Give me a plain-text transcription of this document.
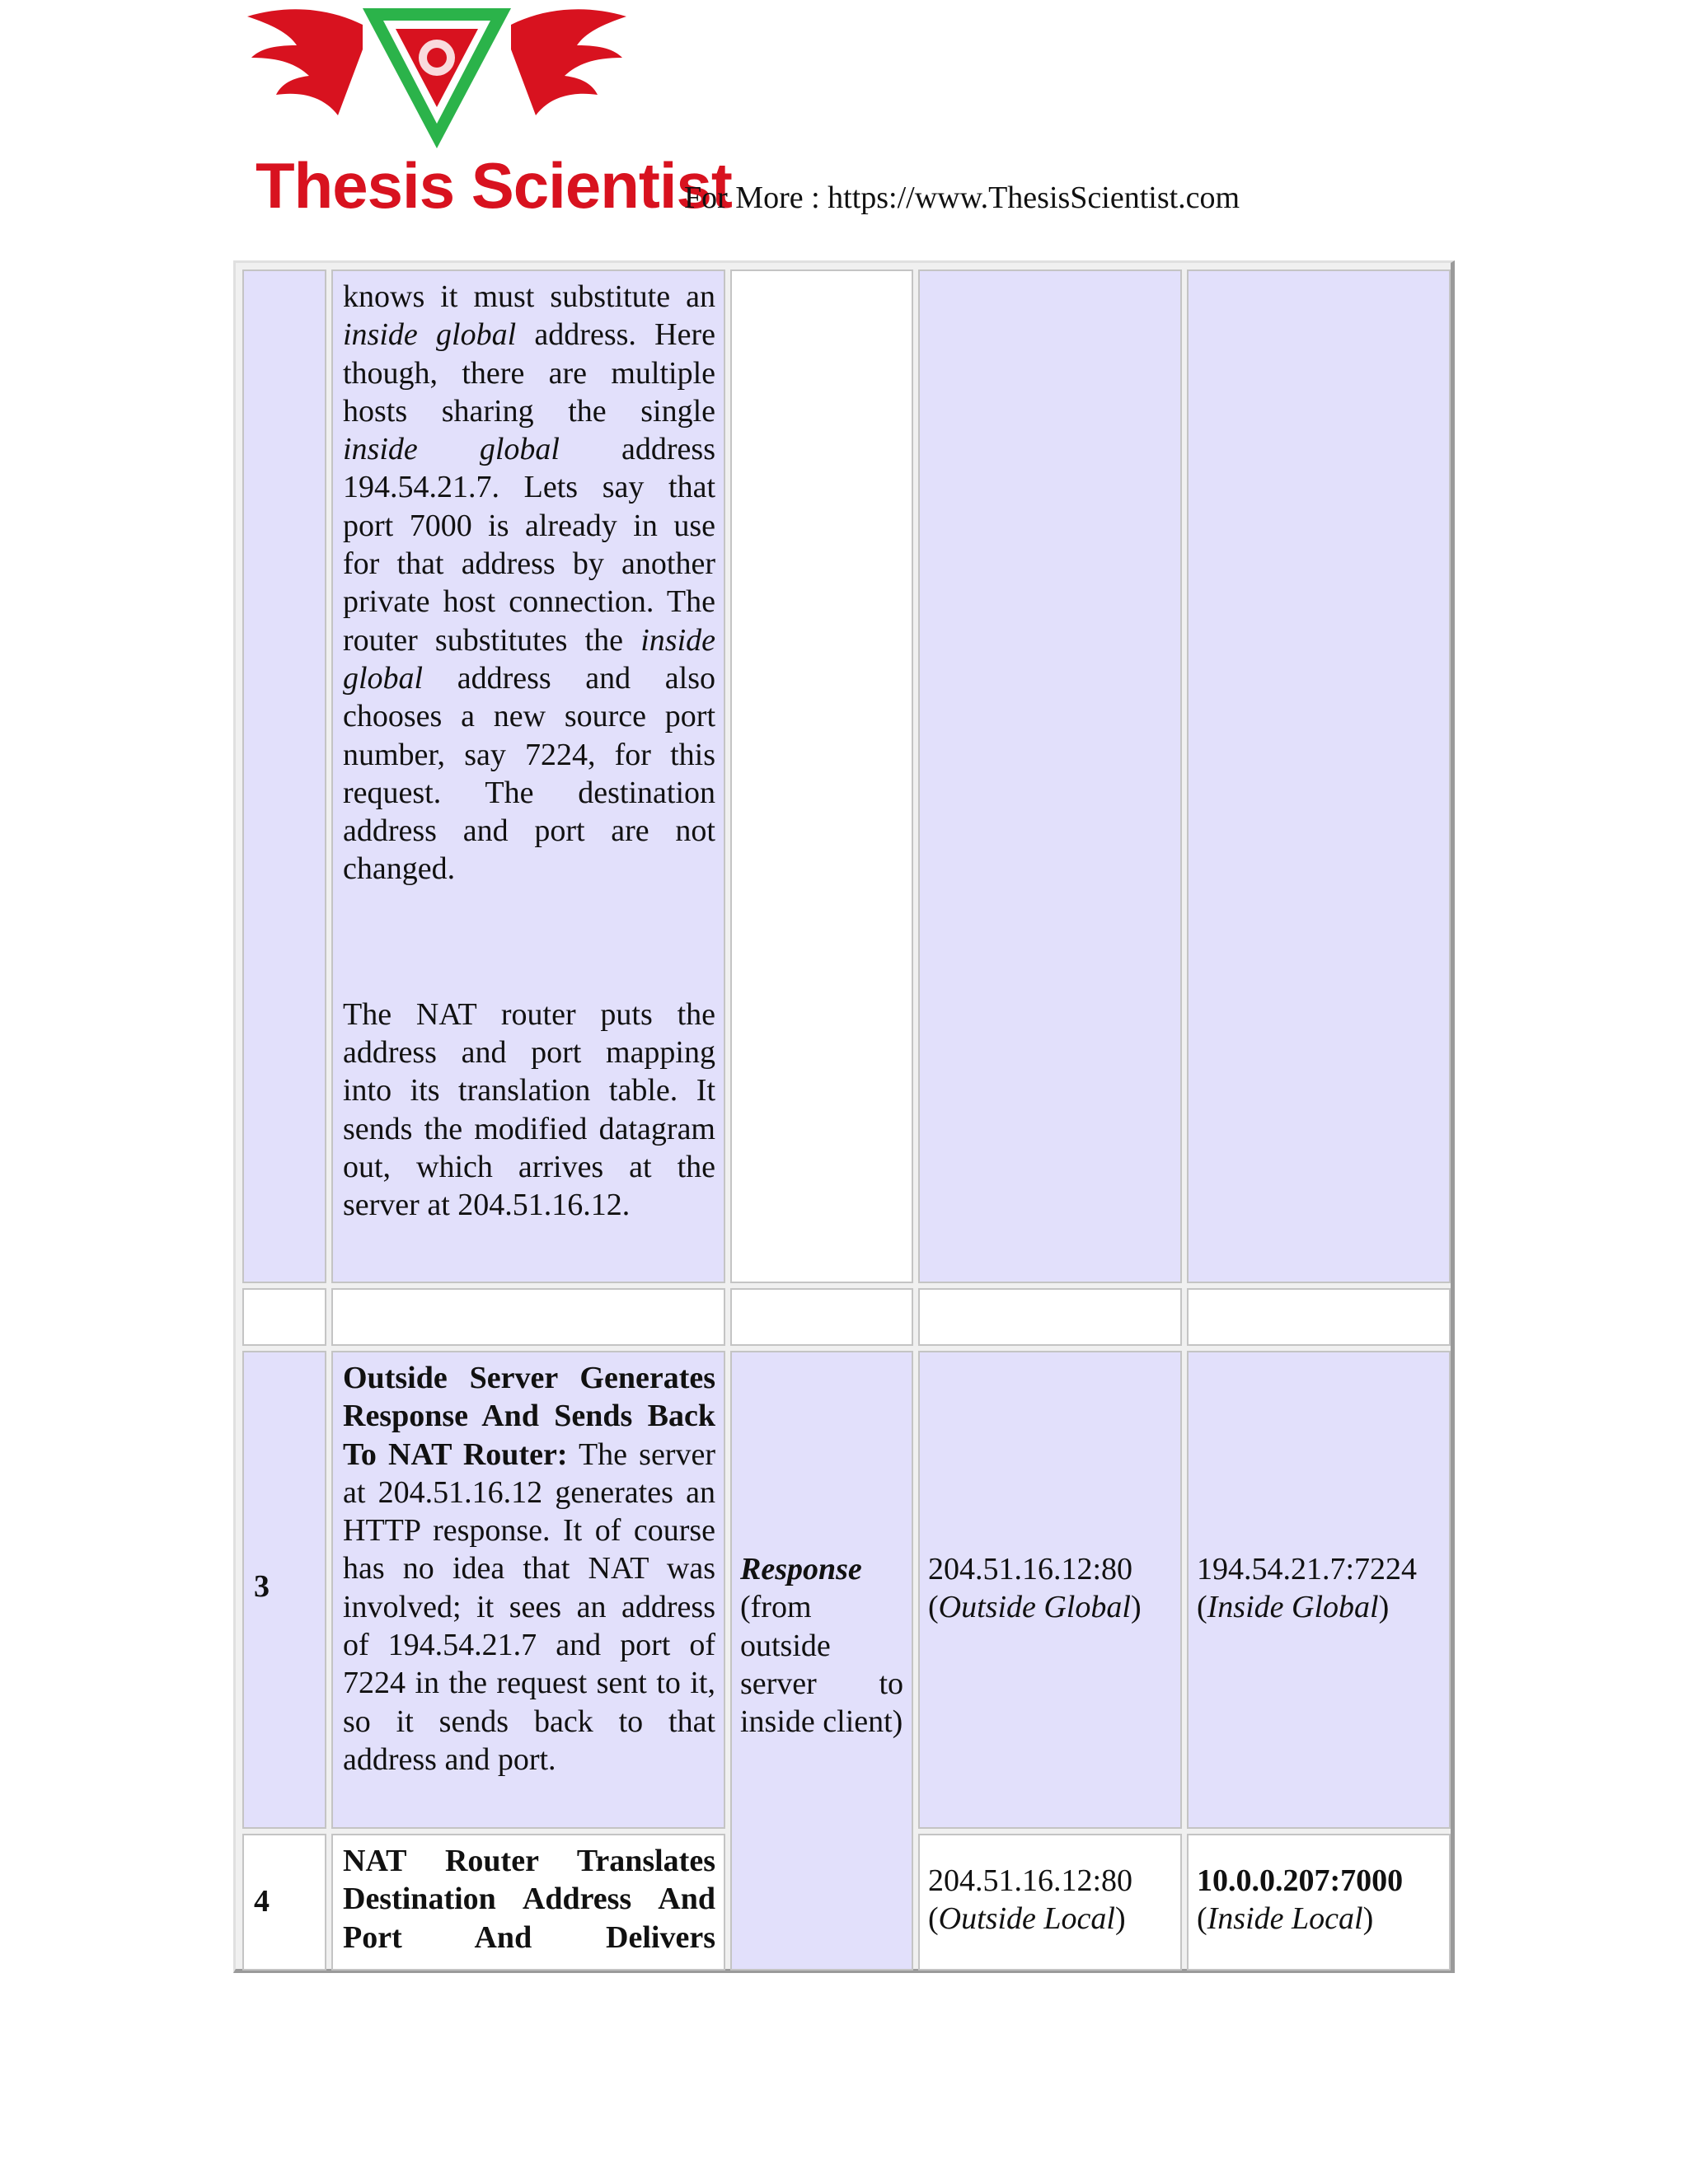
Thesis Scientist
For More : https://www.ThesisScientist.com

knows it must substitute an inside global address. Here though, there are multiple hosts sharing the single inside global address 194.54.21.7. Lets say that port 7000 is already in use for that address by another private host connection. The router substitutes the inside global address and also chooses a new source port number, say 7224, for this request. The destination address and port are not changed.

The NAT router puts the address and port mapping into its translation table. It sends the modified datagram out, which arrives at the server at 204.51.16.12.

3
Outside Server Generates Response And Sends Back To NAT Router: The server at 204.51.16.12 generates an HTTP response. It of course has no idea that NAT was involved; it sees an address of 194.54.21.7 and port of 7224 in the request sent to it, so it sends back to that address and port.
Response (from outside server to inside client)
204.51.16.12:80
(Outside Global)
194.54.21.7:7224
(Inside Global)
4
NAT Router Translates Destination Address And Port And Delivers
204.51.16.12:80
(Outside Local)
10.0.0.207:7000
(Inside Local)
